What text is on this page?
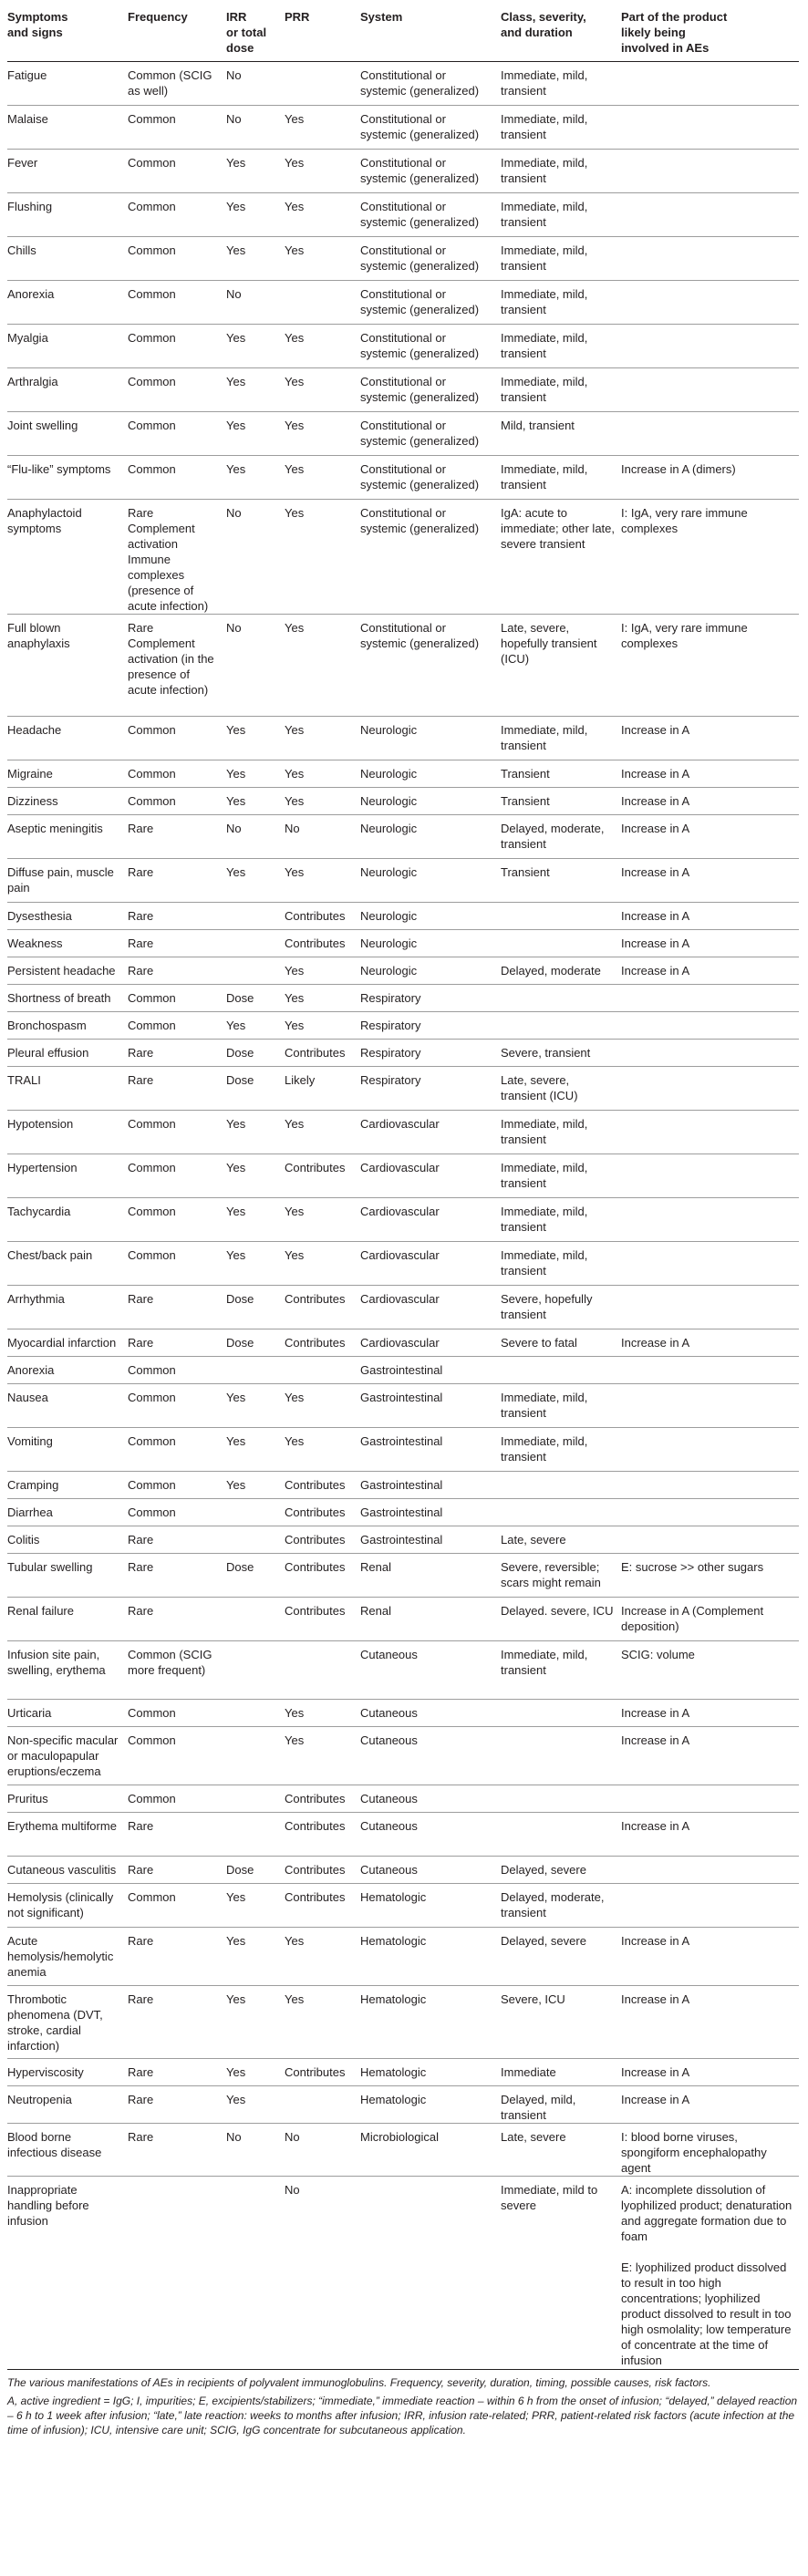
Symptoms
and signs	Frequency	IRR
or total
dose	PRR	System	Class, severity,
and duration	Part of the product
likely being
involved in AEs
Fatigue	Common (SCIG as well)	No		Constitutional or systemic (generalized)	Immediate, mild, transient	
Malaise	Common	No	Yes	Constitutional or systemic (generalized)	Immediate, mild, transient	
Fever	Common	Yes	Yes	Constitutional or systemic (generalized)	Immediate, mild, transient	
Flushing	Common	Yes	Yes	Constitutional or systemic (generalized)	Immediate, mild, transient	
Chills	Common	Yes	Yes	Constitutional or systemic (generalized)	Immediate, mild, transient	
Anorexia	Common	No		Constitutional or systemic (generalized)	Immediate, mild, transient	
Myalgia	Common	Yes	Yes	Constitutional or systemic (generalized)	Immediate, mild, transient	
Arthralgia	Common	Yes	Yes	Constitutional or systemic (generalized)	Immediate, mild, transient	
Joint swelling	Common	Yes	Yes	Constitutional or systemic (generalized)	Mild, transient	
“Flu-like” symptoms	Common	Yes	Yes	Constitutional or systemic (generalized)	Immediate, mild, transient	Increase in A (dimers)
Anaphylactoid symptoms	Rare
Complement activation
Immune complexes (presence of acute infection)	No	Yes	Constitutional or systemic (generalized)	IgA: acute to immediate; other late, severe transient	I: IgA, very rare immune complexes
Full blown anaphylaxis	Rare
Complement activation (in the presence of acute infection)	No	Yes	Constitutional or systemic (generalized)	Late, severe, hopefully transient (ICU)	I: IgA, very rare immune complexes
Headache	Common	Yes	Yes	Neurologic	Immediate, mild, transient	Increase in A
Migraine	Common	Yes	Yes	Neurologic	Transient	Increase in A
Dizziness	Common	Yes	Yes	Neurologic	Transient	Increase in A
Aseptic meningitis	Rare	No	No	Neurologic	Delayed, moderate, transient	Increase in A
Diffuse pain, muscle pain	Rare	Yes	Yes	Neurologic	Transient	Increase in A
Dysesthesia	Rare		Contributes	Neurologic		Increase in A
Weakness	Rare		Contributes	Neurologic		Increase in A
Persistent headache	Rare		Yes	Neurologic	Delayed, moderate	Increase in A
Shortness of breath	Common	Dose	Yes	Respiratory		
Bronchospasm	Common	Yes	Yes	Respiratory		
Pleural effusion	Rare	Dose	Contributes	Respiratory	Severe, transient	
TRALI	Rare	Dose	Likely	Respiratory	Late, severe, transient (ICU)	
Hypotension	Common	Yes	Yes	Cardiovascular	Immediate, mild, transient	
Hypertension	Common	Yes	Contributes	Cardiovascular	Immediate, mild, transient	
Tachycardia	Common	Yes	Yes	Cardiovascular	Immediate, mild, transient	
Chest/back pain	Common	Yes	Yes	Cardiovascular	Immediate, mild, transient	
Arrhythmia	Rare	Dose	Contributes	Cardiovascular	Severe, hopefully transient	
Myocardial infarction	Rare	Dose	Contributes	Cardiovascular	Severe to fatal	Increase in A
Anorexia	Common			Gastrointestinal		
Nausea	Common	Yes	Yes	Gastrointestinal	Immediate, mild, transient	
Vomiting	Common	Yes	Yes	Gastrointestinal	Immediate, mild, transient	
Cramping	Common	Yes	Contributes	Gastrointestinal		
Diarrhea	Common		Contributes	Gastrointestinal		
Colitis	Rare		Contributes	Gastrointestinal	Late, severe	
Tubular swelling	Rare	Dose	Contributes	Renal	Severe, reversible; scars might remain	E: sucrose >> other sugars
Renal failure	Rare		Contributes	Renal	Delayed. severe, ICU	Increase in A (Complement deposition)
Infusion site pain, swelling, erythema	Common (SCIG more frequent)			Cutaneous	Immediate, mild, transient	SCIG: volume
Urticaria	Common		Yes	Cutaneous		Increase in A
Non-specific macular or maculopapular eruptions/eczema	Common		Yes	Cutaneous		Increase in A
Pruritus	Common		Contributes	Cutaneous		
Erythema multiforme	Rare		Contributes	Cutaneous		Increase in A
Cutaneous vasculitis	Rare	Dose	Contributes	Cutaneous	Delayed, severe	
Hemolysis (clinically not significant)	Common	Yes	Contributes	Hematologic	Delayed, moderate, transient	
Acute hemolysis/hemolytic anemia	Rare	Yes	Yes	Hematologic	Delayed, severe	Increase in A
Thrombotic phenomena (DVT, stroke, cardial infarction)	Rare	Yes	Yes	Hematologic	Severe, ICU	Increase in A
Hyperviscosity	Rare	Yes	Contributes	Hematologic	Immediate	Increase in A
Neutropenia	Rare	Yes		Hematologic	Delayed, mild, transient	Increase in A
Blood borne infectious disease	Rare	No	No	Microbiological	Late, severe	I: blood borne viruses, spongiform encephalopathy agent
Inappropriate handling before infusion			No		Immediate, mild to severe	A: incomplete dissolution of lyophilized product; denaturation and aggregate formation due to foam

E: lyophilized product dissolved to result in too high concentrations; lyophilized product dissolved to result in too high osmolality; low temperature of concentrate at the time of infusion

The various manifestations of AEs in recipients of polyvalent immunoglobulins. Frequency, severity, duration, timing, possible causes, risk factors.

A, active ingredient = IgG; I, impurities; E, excipients/stabilizers; “immediate,” immediate reaction – within 6 h from the onset of infusion; “delayed,” delayed reaction – 6 h to 1 week after infusion; “late,” late reaction: weeks to months after infusion; IRR, infusion rate-related; PRR, patient-related risk factors (acute infection at the time of infusion); ICU, intensive care unit; SCIG, IgG concentrate for subcutaneous application.
